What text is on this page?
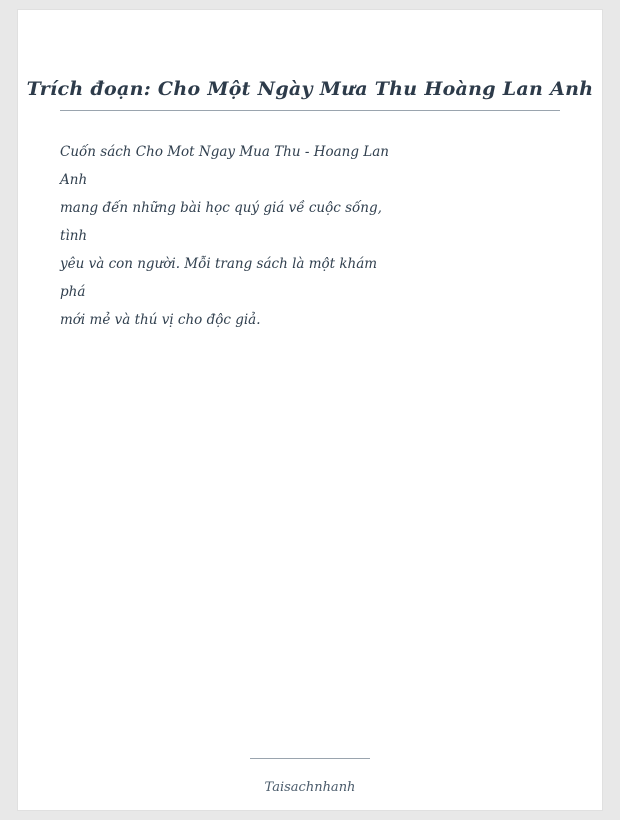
Trích đoạn: Cho Một Ngày Mưa Thu Hoàng Lan Anh
Cuốn sách Cho Mot Ngay Mua Thu - Hoang Lan
Anh
mang đến những bài học quý giá về cuộc sống,
tình
yêu và con người. Mỗi trang sách là một khám
phá
mới mẻ và thú vị cho độc giả.
Taisachnhanh
